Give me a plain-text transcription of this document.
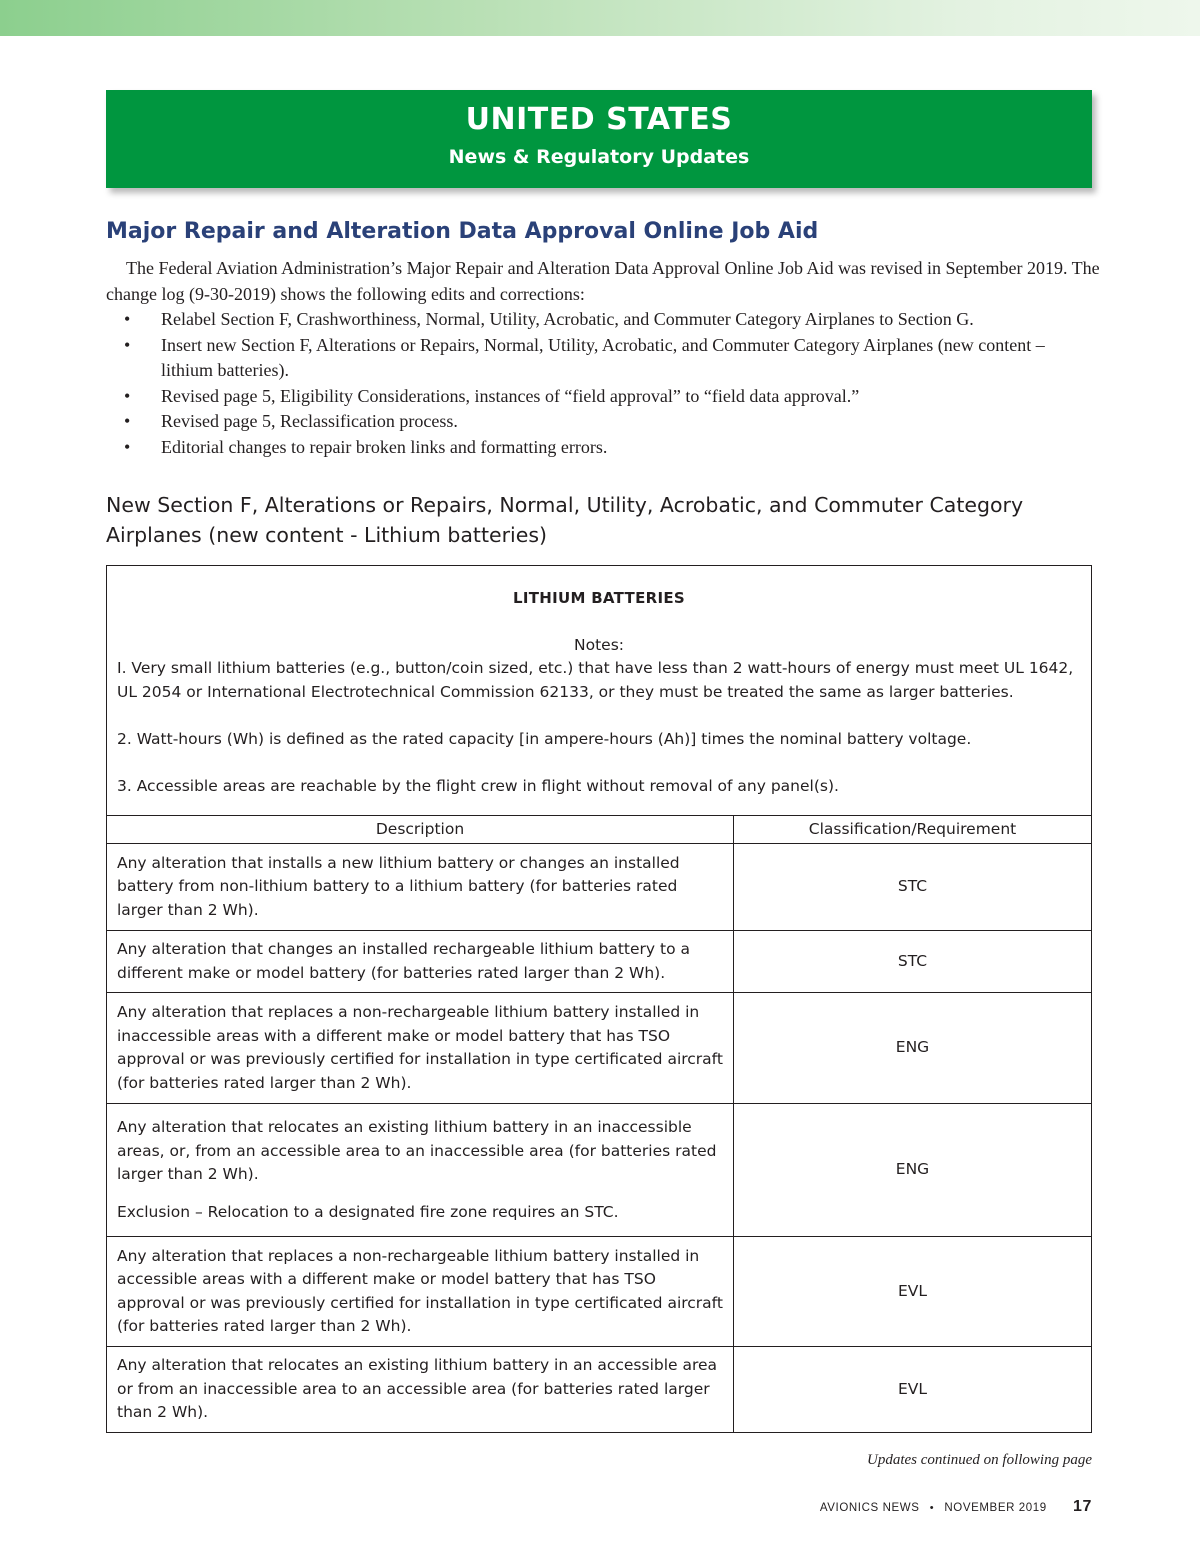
UNITED STATES
News & Regulatory Updates
Major Repair and Alteration Data Approval Online Job Aid

The Federal Aviation Administration’s Major Repair and Alteration Data Approval Online Job Aid was revised in September 2019. The change log (9-30-2019) shows the following edits and corrections:

• Relabel Section F, Crashworthiness, Normal, Utility, Acrobatic, and Commuter Category Airplanes to Section G.
• Insert new Section F, Alterations or Repairs, Normal, Utility, Acrobatic, and Commuter Category Airplanes (new content – lithium batteries).
• Revised page 5, Eligibility Considerations, instances of “field approval” to “field data approval.”
• Revised page 5, Reclassification process.
• Editorial changes to repair broken links and formatting errors.

New Section F, Alterations or Repairs, Normal, Utility, Acrobatic, and Commuter Category Airplanes (new content - Lithium batteries)

LITHIUM BATTERIES
Notes:
I. Very small lithium batteries (e.g., button/coin sized, etc.) that have less than 2 watt-hours of energy must meet UL 1642, UL 2054 or International Electrotechnical Commission 62133, or they must be treated the same as larger batteries.
2. Watt-hours (Wh) is defined as the rated capacity [in ampere-hours (Ah)] times the nominal battery voltage.
3. Accessible areas are reachable by the flight crew in flight without removal of any panel(s).
Description	Classification/Requirement
Any alteration that installs a new lithium battery or changes an installed battery from non-lithium battery to a lithium battery (for batteries rated larger than 2 Wh).	STC
Any alteration that changes an installed rechargeable lithium battery to a different make or model battery (for batteries rated larger than 2 Wh).	STC
Any alteration that replaces a non-rechargeable lithium battery installed in inaccessible areas with a different make or model battery that has TSO approval or was previously certified for installation in type certificated aircraft (for batteries rated larger than 2 Wh).	ENG

Any alteration that relocates an existing lithium battery in an inaccessible areas, or, from an accessible area to an inaccessible area (for batteries rated larger than 2 Wh).
Exclusion – Relocation to a designated fire zone requires an STC.	ENG
Any alteration that replaces a non-rechargeable lithium battery installed in accessible areas with a different make or model battery that has TSO approval or was previously certified for installation in type certificated aircraft (for batteries rated larger than 2 Wh).	EVL
Any alteration that relocates an existing lithium battery in an accessible area or from an inaccessible area to an accessible area (for batteries rated larger than 2 Wh).	EVL
Updates continued on following page
AVIONICS NEWS • NOVEMBER 2019 17
